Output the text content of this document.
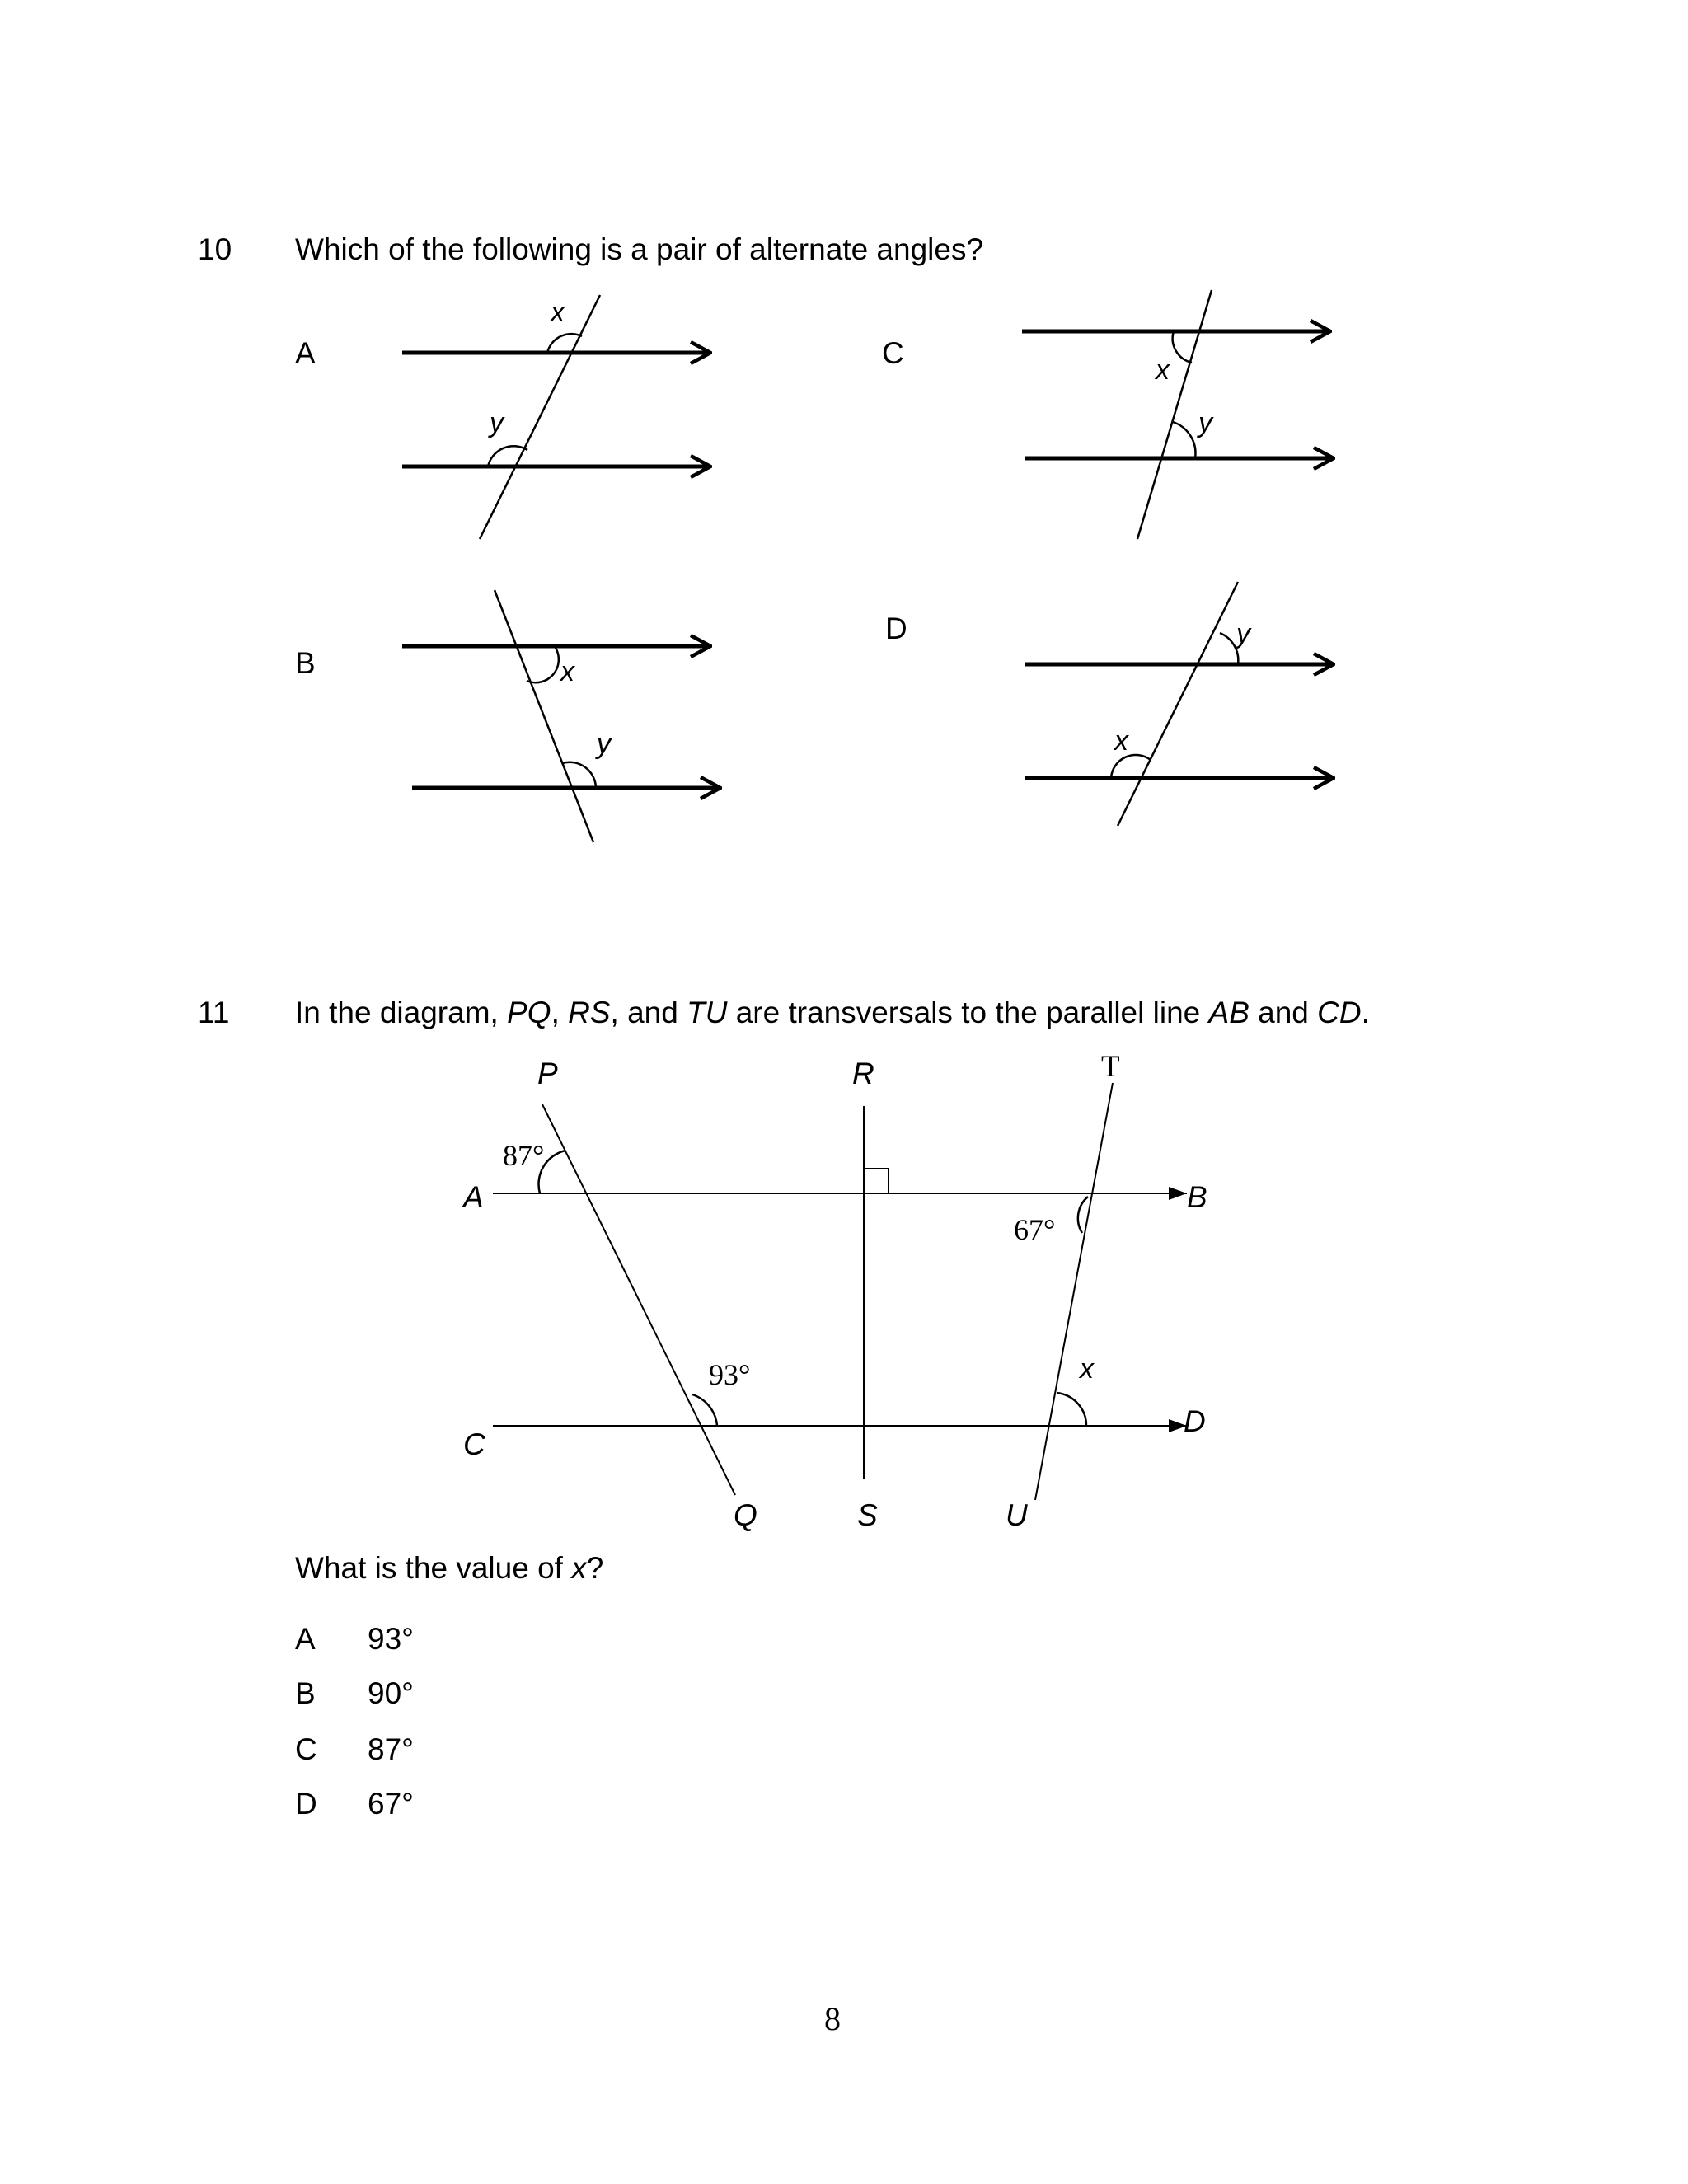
10 Which of the following is a pair of alternate angles?
A
B
C
D
x
y
x
y
x
y
y
x
11 In the diagram, PQ, RS, and TU are transversals to the parallel line AB and CD.
P	R	T
A	B
C
D
Q	S	U
87°
67°
93°	x
What is the value of x?
A 93°
B 90°
C 87°
D 67°
8
